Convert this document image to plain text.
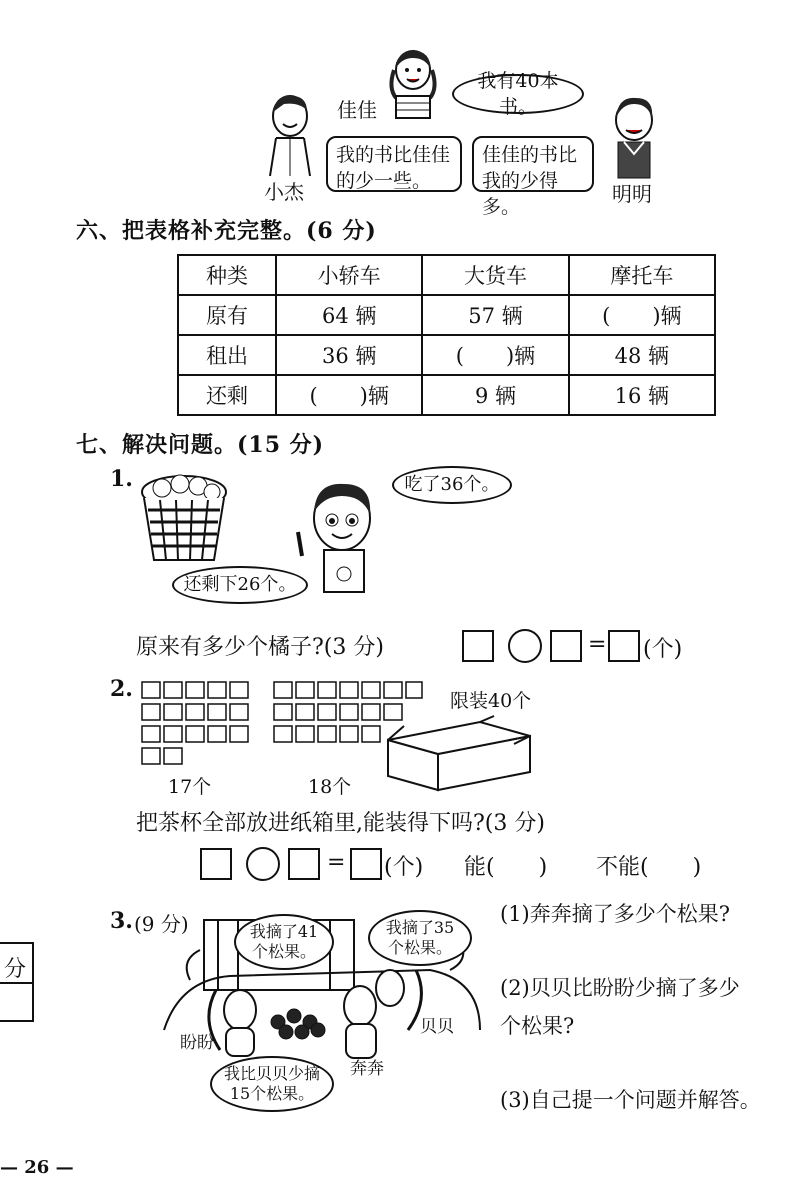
佳佳
我有40本书。
小杰
我的书比佳佳的少一些。
明明
佳佳的书比我的少得多。
六、把表格补充完整。(6 分)
种类	小轿车	大货车	摩托车
原有	64 辆	57 辆	(　　)辆
租出	36 辆	(　　)辆	48 辆
还剩	(　　)辆	9 辆	16 辆
七、解决问题。(15 分)
1.
还剩下26个。
吃了36个。
原来有多少个橘子?(3 分)	= (个)
2.
17个	18个
限装40个
把茶杯全部放进纸箱里,能装得下吗?(3 分)
= (个) 能(　　) 不能(　　)
3. (9 分)	我摘了41个松果。
我摘了35个松果。
我比贝贝少摘15个松果。
盼盼
贝贝
奔奔
(1)奔奔摘了多少个松果?
(2)贝贝比盼盼少摘了多少
个松果?
(3)自己提一个问题并解答。
分
— 26 —
